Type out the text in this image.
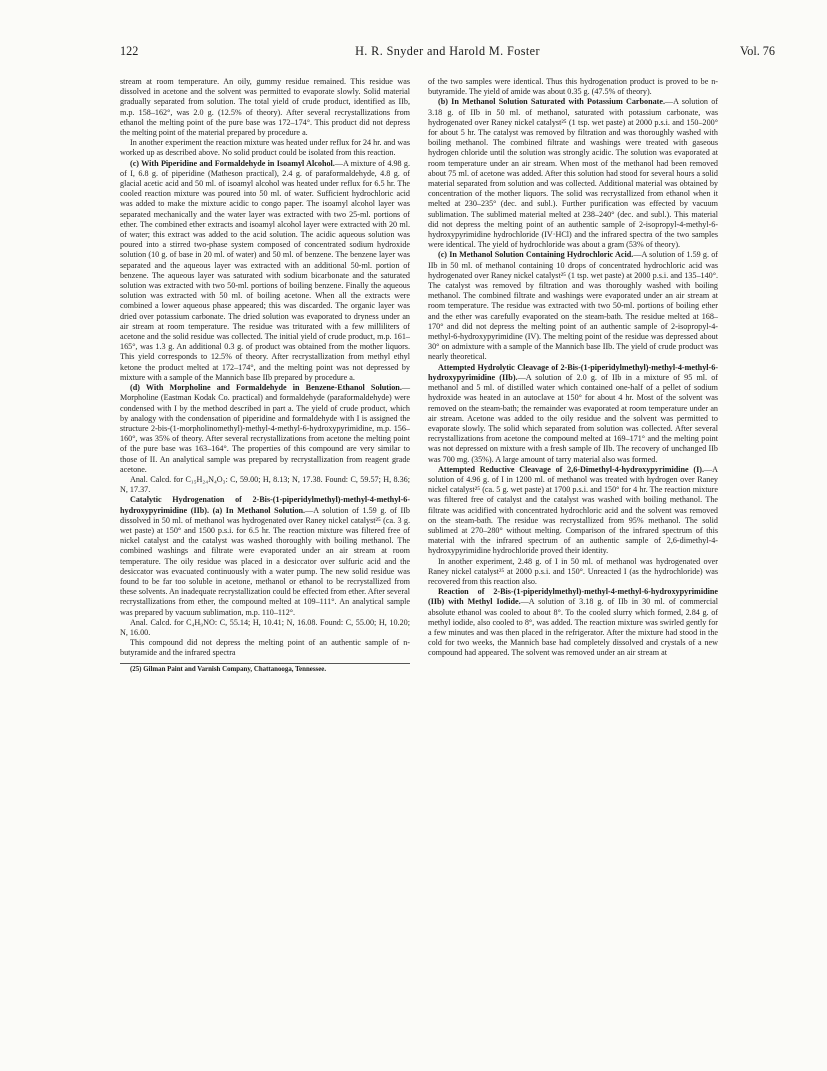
122	H. R. Snyder and Harold M. Foster	Vol. 76

stream at room temperature. An oily, gummy residue remained. This residue was dissolved in acetone and the solvent was permitted to evaporate slowly. Solid material gradually separated from solution. The total yield of crude product, identified as IIb, m.p. 158–162°, was 2.0 g. (12.5% of theory). After several recrystallizations from ethanol the melting point of the pure base was 172–174°. This product did not depress the melting point of the material prepared by procedure a.

In another experiment the reaction mixture was heated under reflux for 24 hr. and was worked up as described above. No solid product could be isolated from this reaction.

(c) With Piperidine and Formaldehyde in Isoamyl Alcohol.—A mixture of 4.98 g. of I, 6.8 g. of piperidine (Matheson practical), 2.4 g. of paraformaldehyde, 4.8 g. of glacial acetic acid and 50 ml. of isoamyl alcohol was heated under reflux for 6.5 hr. The cooled reaction mixture was poured into 50 ml. of water. Sufficient hydrochloric acid was added to make the mixture acidic to congo paper. The isoamyl alcohol layer was separated mechanically and the water layer was extracted with two 25-ml. portions of ether. The combined ether extracts and isoamyl alcohol layer were extracted with 20 ml. of water; this extract was added to the acid solution. The acidic aqueous solution was poured into a stirred two-phase system composed of concentrated sodium hydroxide solution (10 g. of base in 20 ml. of water) and 50 ml. of benzene. The benzene layer was separated and the aqueous layer was extracted with an additional 50-ml. portion of benzene. The aqueous layer was saturated with sodium bicarbonate and the saturated solution was extracted with two 50-ml. portions of boiling benzene. Finally the aqueous solution was extracted with 50 ml. of boiling acetone. When all the extracts were combined a lower aqueous phase appeared; this was discarded. The organic layer was dried over potassium carbonate. The dried solution was evaporated to dryness under an air stream at room temperature. The residue was triturated with a few milliliters of acetone and the solid residue was collected. The initial yield of crude product, m.p. 161–165°, was 1.3 g. An additional 0.3 g. of product was obtained from the mother liquors. This yield corresponds to 12.5% of theory. After recrystallization from methyl ethyl ketone the product melted at 172–174°, and the melting point was not depressed by mixture with a sample of the Mannich base IIb prepared by procedure a.

(d) With Morpholine and Formaldehyde in Benzene-Ethanol Solution.—Morpholine (Eastman Kodak Co. practical) and formaldehyde (paraformaldehyde) were condensed with I by the method described in part a. The yield of crude product, which by analogy with the condensation of piperidine and formaldehyde with I is assigned the structure 2-bis-(1-morpholinomethyl)-methyl-4-methyl-6-hydroxypyrimidine, m.p. 156–160°, was 35% of theory. After several recrystallizations from acetone the melting point of the pure base was 163–164°. The properties of this compound are very similar to those of II. An analytical sample was prepared by recrystallization from reagent grade acetone.

Anal. Calcd. for C₁₅H₂₄N₄O₃: C, 59.00; H, 8.13; N, 17.38. Found: C, 59.57; H, 8.36; N, 17.37.

Catalytic Hydrogenation of 2-Bis-(1-piperidylmethyl)-methyl-4-methyl-6-hydroxypyrimidine (IIb). (a) In Methanol Solution.—A solution of 1.59 g. of IIb dissolved in 50 ml. of methanol was hydrogenated over Raney nickel catalyst²⁵ (ca. 3 g. wet paste) at 150° and 1500 p.s.i. for 6.5 hr. The reaction mixture was filtered free of nickel catalyst and the catalyst was washed thoroughly with boiling methanol. The combined washings and filtrate were evaporated under an air stream at room temperature. The oily residue was placed in a desiccator over sulfuric acid and the desiccator was evacuated continuously with a water pump. The new solid residue was found to be far too soluble in acetone, methanol or ethanol to be recrystallized from these solvents. An inadequate recrystallization could be effected from ether. After several recrystallizations from ether, the compound melted at 109–111°. An analytical sample was prepared by vacuum sublimation, m.p. 110–112°.

Anal. Calcd. for C₄H₉NO: C, 55.14; H, 10.41; N, 16.08. Found: C, 55.00; H, 10.20; N, 16.00.

This compound did not depress the melting point of an authentic sample of n-butyramide and the infrared spectra

(25) Gilman Paint and Varnish Company, Chattanooga, Tennessee.

of the two samples were identical. Thus this hydrogenation product is proved to be n-butyramide. The yield of amide was about 0.35 g. (47.5% of theory).

(b) In Methanol Solution Saturated with Potassium Carbonate.—A solution of 3.18 g. of IIb in 50 ml. of methanol, saturated with potassium carbonate, was hydrogenated over Raney nickel catalyst²⁵ (1 tsp. wet paste) at 2000 p.s.i. and 150–200° for about 5 hr. The catalyst was removed by filtration and was thoroughly washed with boiling methanol. The combined filtrate and washings were treated with gaseous hydrogen chloride until the solution was strongly acidic. The solution was evaporated at room temperature under an air stream. When most of the methanol had been removed about 75 ml. of acetone was added. After this solution had stood for several hours a solid material separated from solution and was collected. Additional material was obtained by concentration of the mother liquors. The solid was recrystallized from ethanol when it melted at 230–235° (dec. and subl.). Further purification was effected by vacuum sublimation. The sublimed material melted at 238–240° (dec. and subl.). This material did not depress the melting point of an authentic sample of 2-isopropyl-4-methyl-6-hydroxypyrimidine hydrochloride (IV·HCl) and the infrared spectra of the two samples were identical. The yield of hydrochloride was about a gram (53% of theory).

(c) In Methanol Solution Containing Hydrochloric Acid.—A solution of 1.59 g. of IIb in 50 ml. of methanol containing 10 drops of concentrated hydrochloric acid was hydrogenated over Raney nickel catalyst²⁵ (1 tsp. wet paste) at 2000 p.s.i. and 135–140°. The catalyst was removed by filtration and was thoroughly washed with boiling methanol. The combined filtrate and washings were evaporated under an air stream at room temperature. The residue was extracted with two 50-ml. portions of boiling ether and the ether was carefully evaporated on the steam-bath. The residue melted at 168–170° and did not depress the melting point of an authentic sample of 2-isopropyl-4-methyl-6-hydroxypyrimidine (IV). The melting point of the residue was depressed about 30° on admixture with a sample of the Mannich base IIb. The yield of crude product was nearly theoretical.

Attempted Hydrolytic Cleavage of 2-Bis-(1-piperidylmethyl)-methyl-4-methyl-6-hydroxypyrimidine (IIb).—A solution of 2.0 g. of IIb in a mixture of 95 ml. of methanol and 5 ml. of distilled water which contained one-half of a pellet of sodium hydroxide was heated in an autoclave at 150° for about 4 hr. Most of the solvent was removed on the steam-bath; the remainder was evaporated at room temperature under an air stream. Acetone was added to the oily residue and the solvent was permitted to evaporate slowly. The solid which separated from solution was collected. After several recrystallizations from acetone the compound melted at 169–171° and the melting point was not depressed on mixture with a fresh sample of IIb. The recovery of unchanged IIb was 700 mg. (35%). A large amount of tarry material also was formed.

Attempted Reductive Cleavage of 2,6-Dimethyl-4-hydroxypyrimidine (I).—A solution of 4.96 g. of I in 1200 ml. of methanol was treated with hydrogen over Raney nickel catalyst²⁵ (ca. 5 g. wet paste) at 1700 p.s.i. and 150° for 4 hr. The reaction mixture was filtered free of catalyst and the catalyst was washed with boiling methanol. The filtrate was acidified with concentrated hydrochloric acid and the solvent was removed on the steam-bath. The residue was recrystallized from 95% methanol. The solid sublimed at 270–280° without melting. Comparison of the infrared spectrum of this material with the infrared spectrum of an authentic sample of 2,6-dimethyl-4-hydroxypyrimidine hydrochloride proved their identity.

In another experiment, 2.48 g. of I in 50 ml. of methanol was hydrogenated over Raney nickel catalyst²⁵ at 2000 p.s.i. and 150°. Unreacted I (as the hydrochloride) was recovered from this reaction also.

Reaction of 2-Bis-(1-piperidylmethyl)-methyl-4-methyl-6-hydroxypyrimidine (IIb) with Methyl Iodide.—A solution of 3.18 g. of IIb in 30 ml. of commercial absolute ethanol was cooled to about 8°. To the cooled slurry which formed, 2.84 g. of methyl iodide, also cooled to 8°, was added. The reaction mixture was swirled gently for a few minutes and was then placed in the refrigerator. After the mixture had stood in the cold for two weeks, the Mannich base had completely dissolved and crystals of a new compound had appeared. The solvent was removed under an air stream at
